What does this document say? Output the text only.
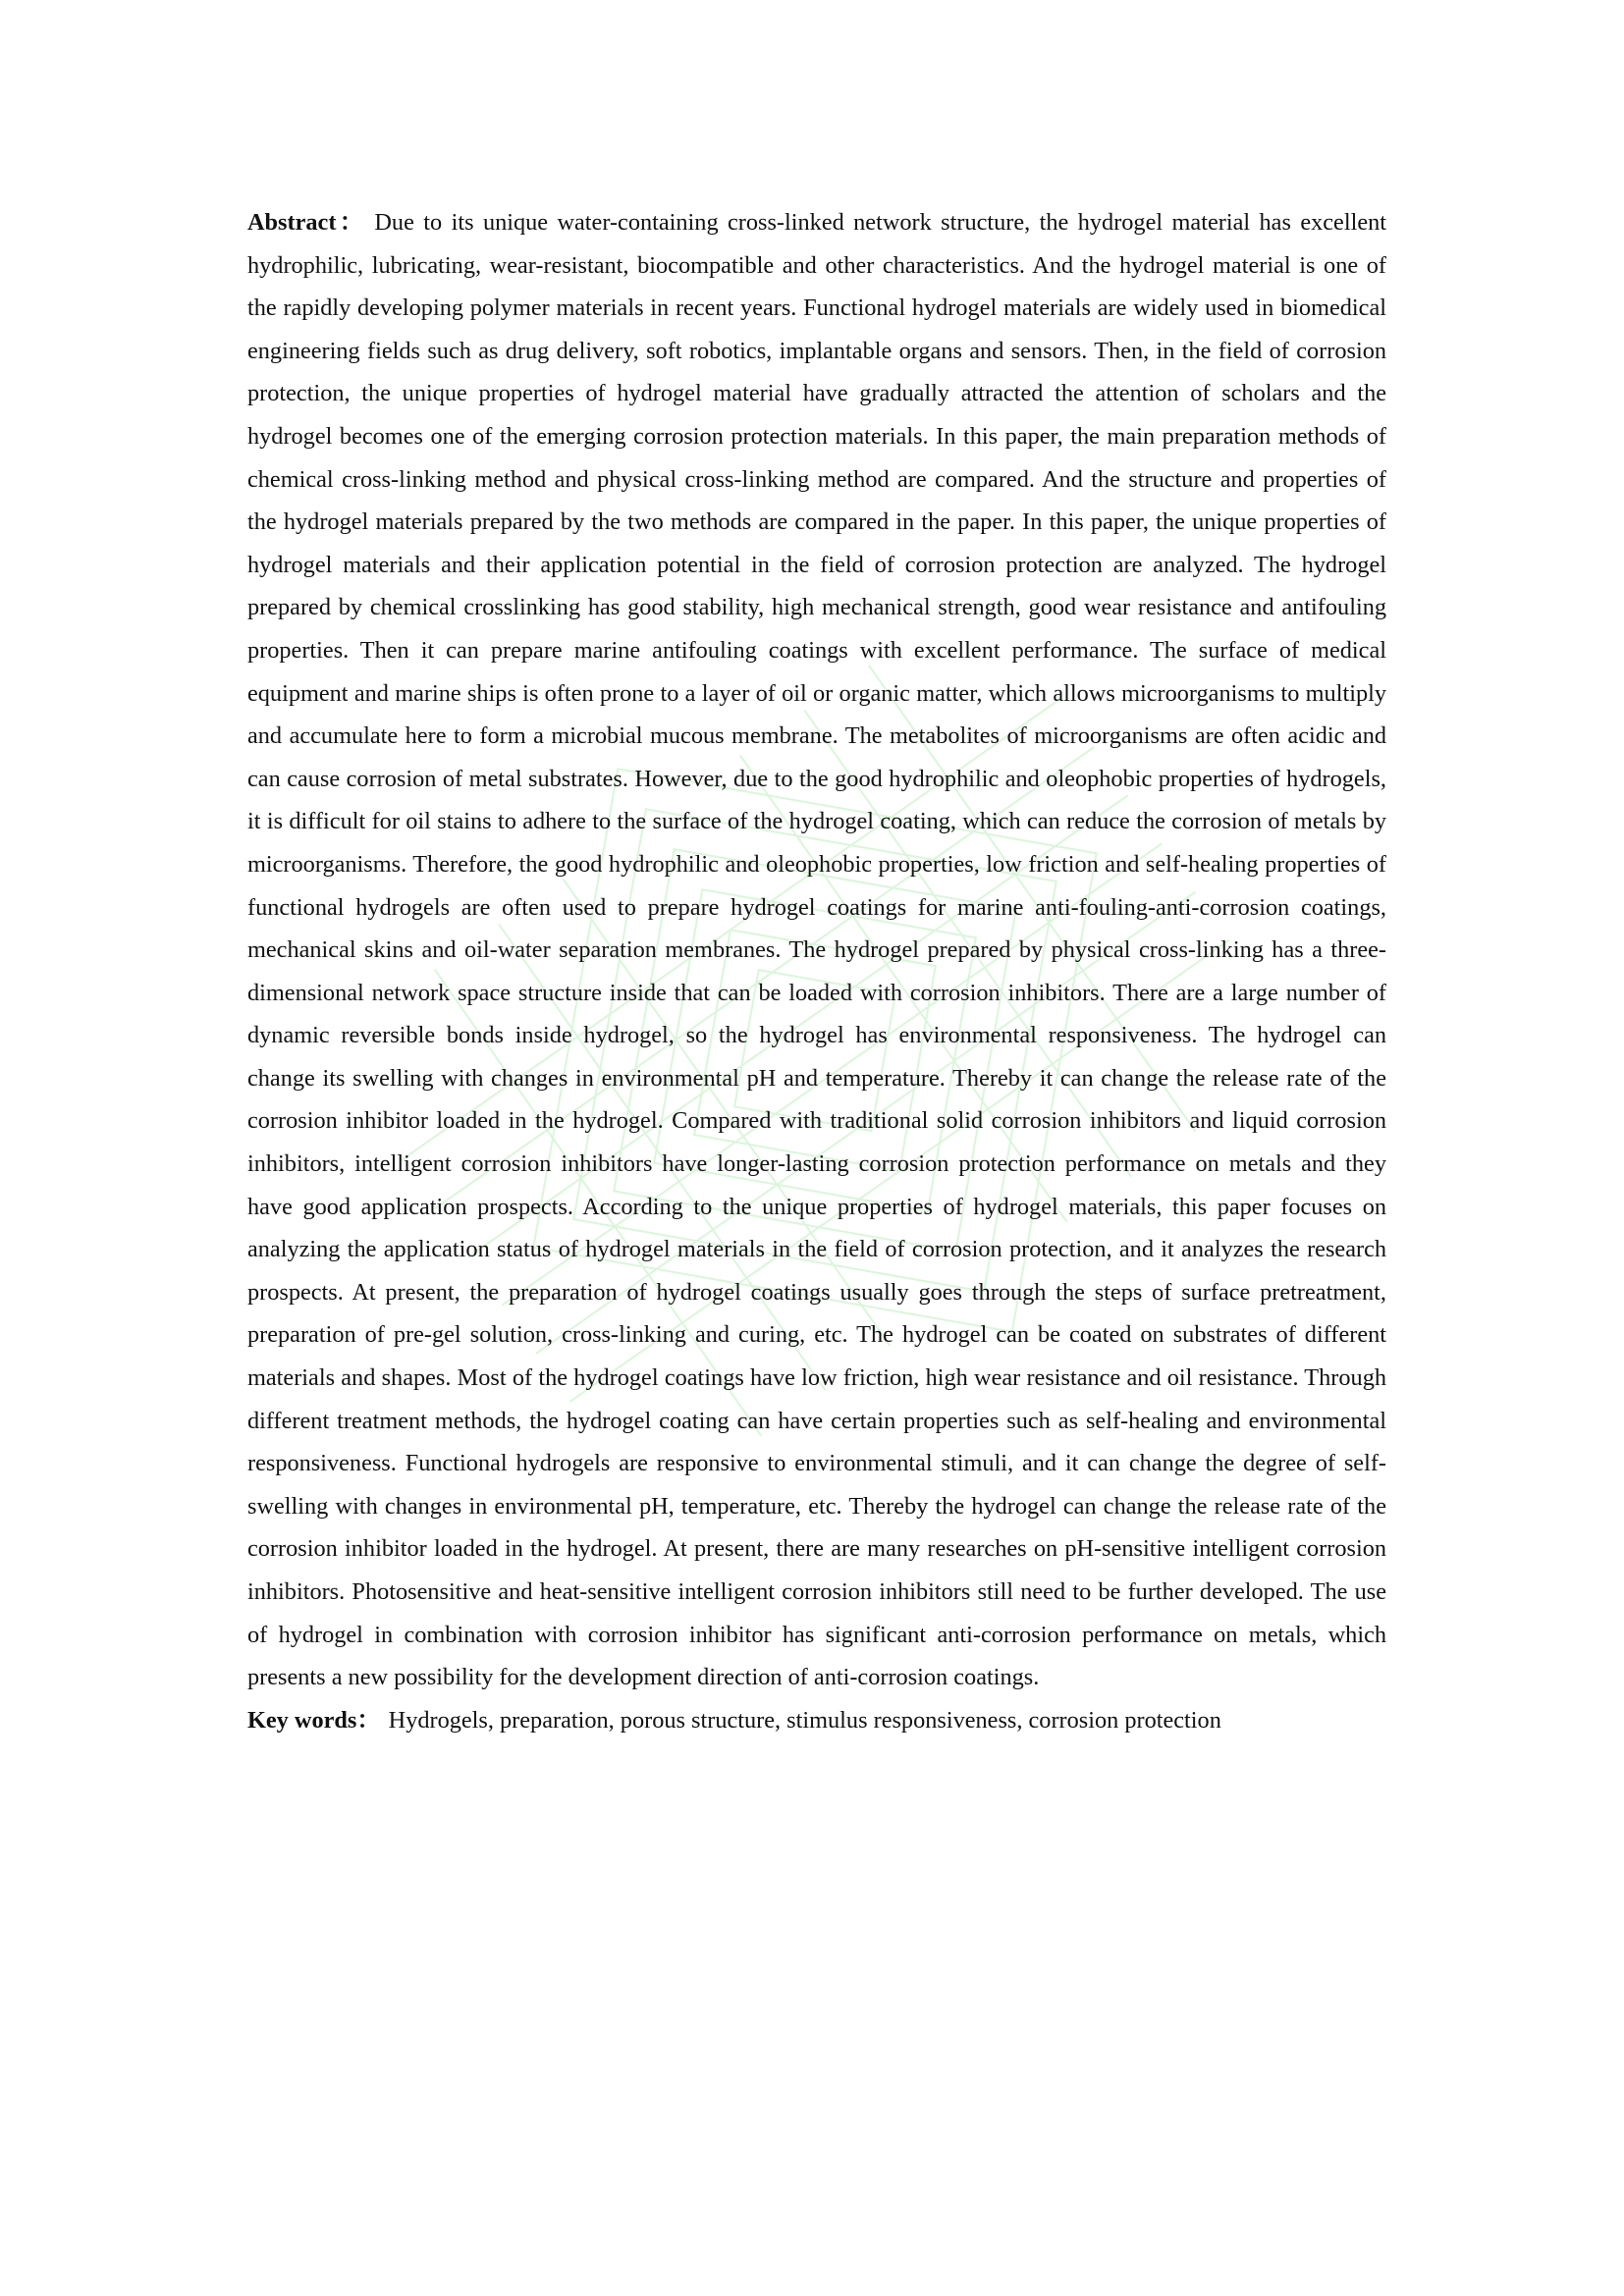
Abstract： Due to its unique water-containing cross-linked network structure, the hydrogel material has excellent hydrophilic, lubricating, wear-resistant, biocompatible and other characteristics. And the hydrogel material is one of the rapidly developing polymer materials in recent years. Functional hydrogel materials are widely used in biomedical engineering fields such as drug delivery, soft robotics, implantable organs and sensors. Then, in the field of corrosion protection, the unique properties of hydrogel material have gradually attracted the attention of scholars and the hydrogel becomes one of the emerging corrosion protection materials. In this paper, the main preparation methods of chemical cross-linking method and physical cross-linking method are compared. And the structure and properties of the hydrogel materials prepared by the two methods are compared in the paper. In this paper, the unique properties of hydrogel materials and their application potential in the field of corrosion protection are analyzed. The hydrogel prepared by chemical crosslinking has good stability, high mechanical strength, good wear resistance and antifouling properties. Then it can prepare marine antifouling coatings with excellent performance. The surface of medical equipment and marine ships is often prone to a layer of oil or organic matter, which allows microorganisms to multiply and accumulate here to form a microbial mucous membrane. The metabolites of microorganisms are often acidic and can cause corrosion of metal substrates. However, due to the good hydrophilic and oleophobic properties of hydrogels, it is difficult for oil stains to adhere to the surface of the hydrogel coating, which can reduce the corrosion of metals by microorganisms. Therefore, the good hydrophilic and oleophobic properties, low friction and self-healing properties of functional hydrogels are often used to prepare hydrogel coatings for marine anti-fouling-anti-corrosion coatings, mechanical skins and oil-water separation membranes. The hydrogel prepared by physical cross-linking has a three-dimensional network space structure inside that can be loaded with corrosion inhibitors. There are a large number of dynamic reversible bonds inside hydrogel, so the hydrogel has environmental responsiveness. The hydrogel can change its swelling with changes in environmental pH and temperature. Thereby it can change the release rate of the corrosion inhibitor loaded in the hydrogel. Compared with traditional solid corrosion inhibitors and liquid corrosion inhibitors, intelligent corrosion inhibitors have longer-lasting corrosion protection performance on metals and they have good application prospects. According to the unique properties of hydrogel materials, this paper focuses on analyzing the application status of hydrogel materials in the field of corrosion protection, and it analyzes the research prospects. At present, the preparation of hydrogel coatings usually goes through the steps of surface pretreatment, preparation of pre-gel solution, cross-linking and curing, etc. The hydrogel can be coated on substrates of different materials and shapes. Most of the hydrogel coatings have low friction, high wear resistance and oil resistance. Through different treatment methods, the hydrogel coating can have certain properties such as self-healing and environmental responsiveness. Functional hydrogels are responsive to environmental stimuli, and it can change the degree of self-swelling with changes in environmental pH, temperature, etc. Thereby the hydrogel can change the release rate of the corrosion inhibitor loaded in the hydrogel. At present, there are many researches on pH-sensitive intelligent corrosion inhibitors. Photosensitive and heat-sensitive intelligent corrosion inhibitors still need to be further developed. The use of hydrogel in combination with corrosion inhibitor has significant anti-corrosion performance on metals, which presents a new possibility for the development direction of anti-corrosion coatings.

Key words： Hydrogels, preparation, porous structure, stimulus responsiveness, corrosion protection
